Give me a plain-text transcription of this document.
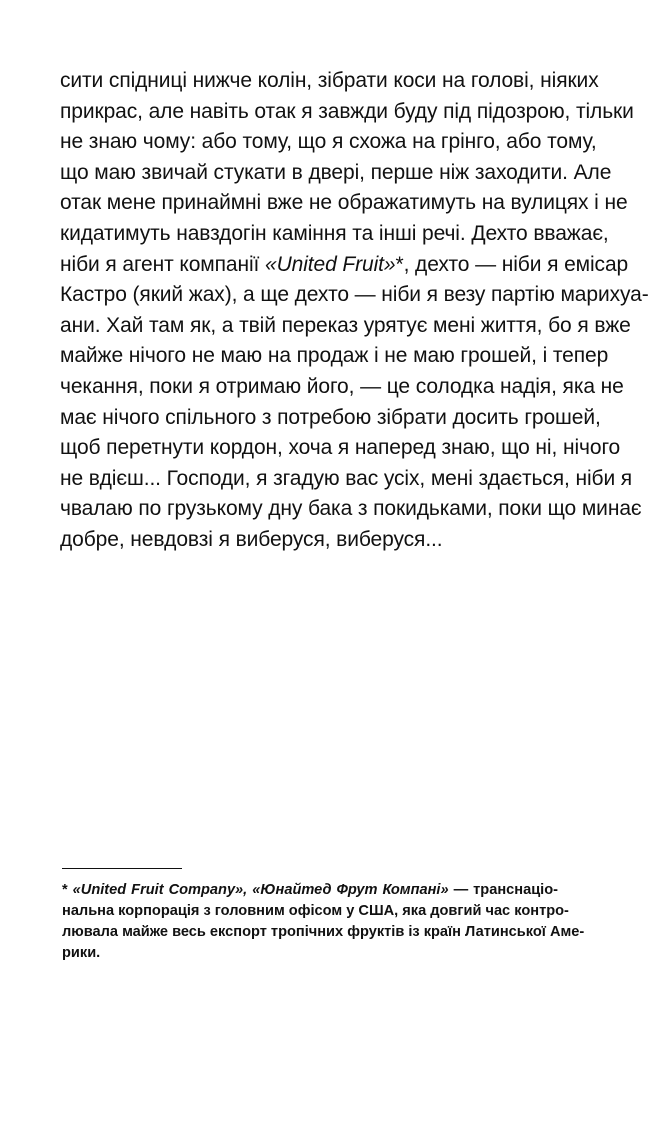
сити спідниці нижче колін, зібрати коси на голові, ніяких
прикрас, але навіть отак я завжди буду під підозрою, тільки
не знаю чому: або тому, що я схожа на грінго, або тому,
що маю звичай стукати в двері, перше ніж заходити. Але
отак мене принаймні вже не ображатимуть на вулицях і не
кидатимуть навздогін каміння та інші речі. Дехто вважає,
ніби я агент компанії «United Fruit»*, дехто — ніби я емісар
Кастро (який жах), а ще дехто — ніби я везу партію марихуа-
ани. Хай там як, а твій переказ урятує мені життя, бо я вже
майже нічого не маю на продаж і не маю грошей, і тепер
чекання, поки я отримаю його, — це солодка надія, яка не
має нічого спільного з потребою зібрати досить грошей,
щоб перетнути кордон, хоча я наперед знаю, що ні, нічого
не вдієш... Господи, я згадую вас усіх, мені здається, ніби я
чвалаю по грузькому дну бака з покидьками, поки що минає
добре, невдовзі я виберуся, виберуся...
* «United Fruit Company», «Юнайтед Фрут Компані» — транснаціо-
нальна корпорація з головним офісом у США, яка довгий час контро-
лювала майже весь експорт тропічних фруктів із країн Латинської Аме-
рики.
